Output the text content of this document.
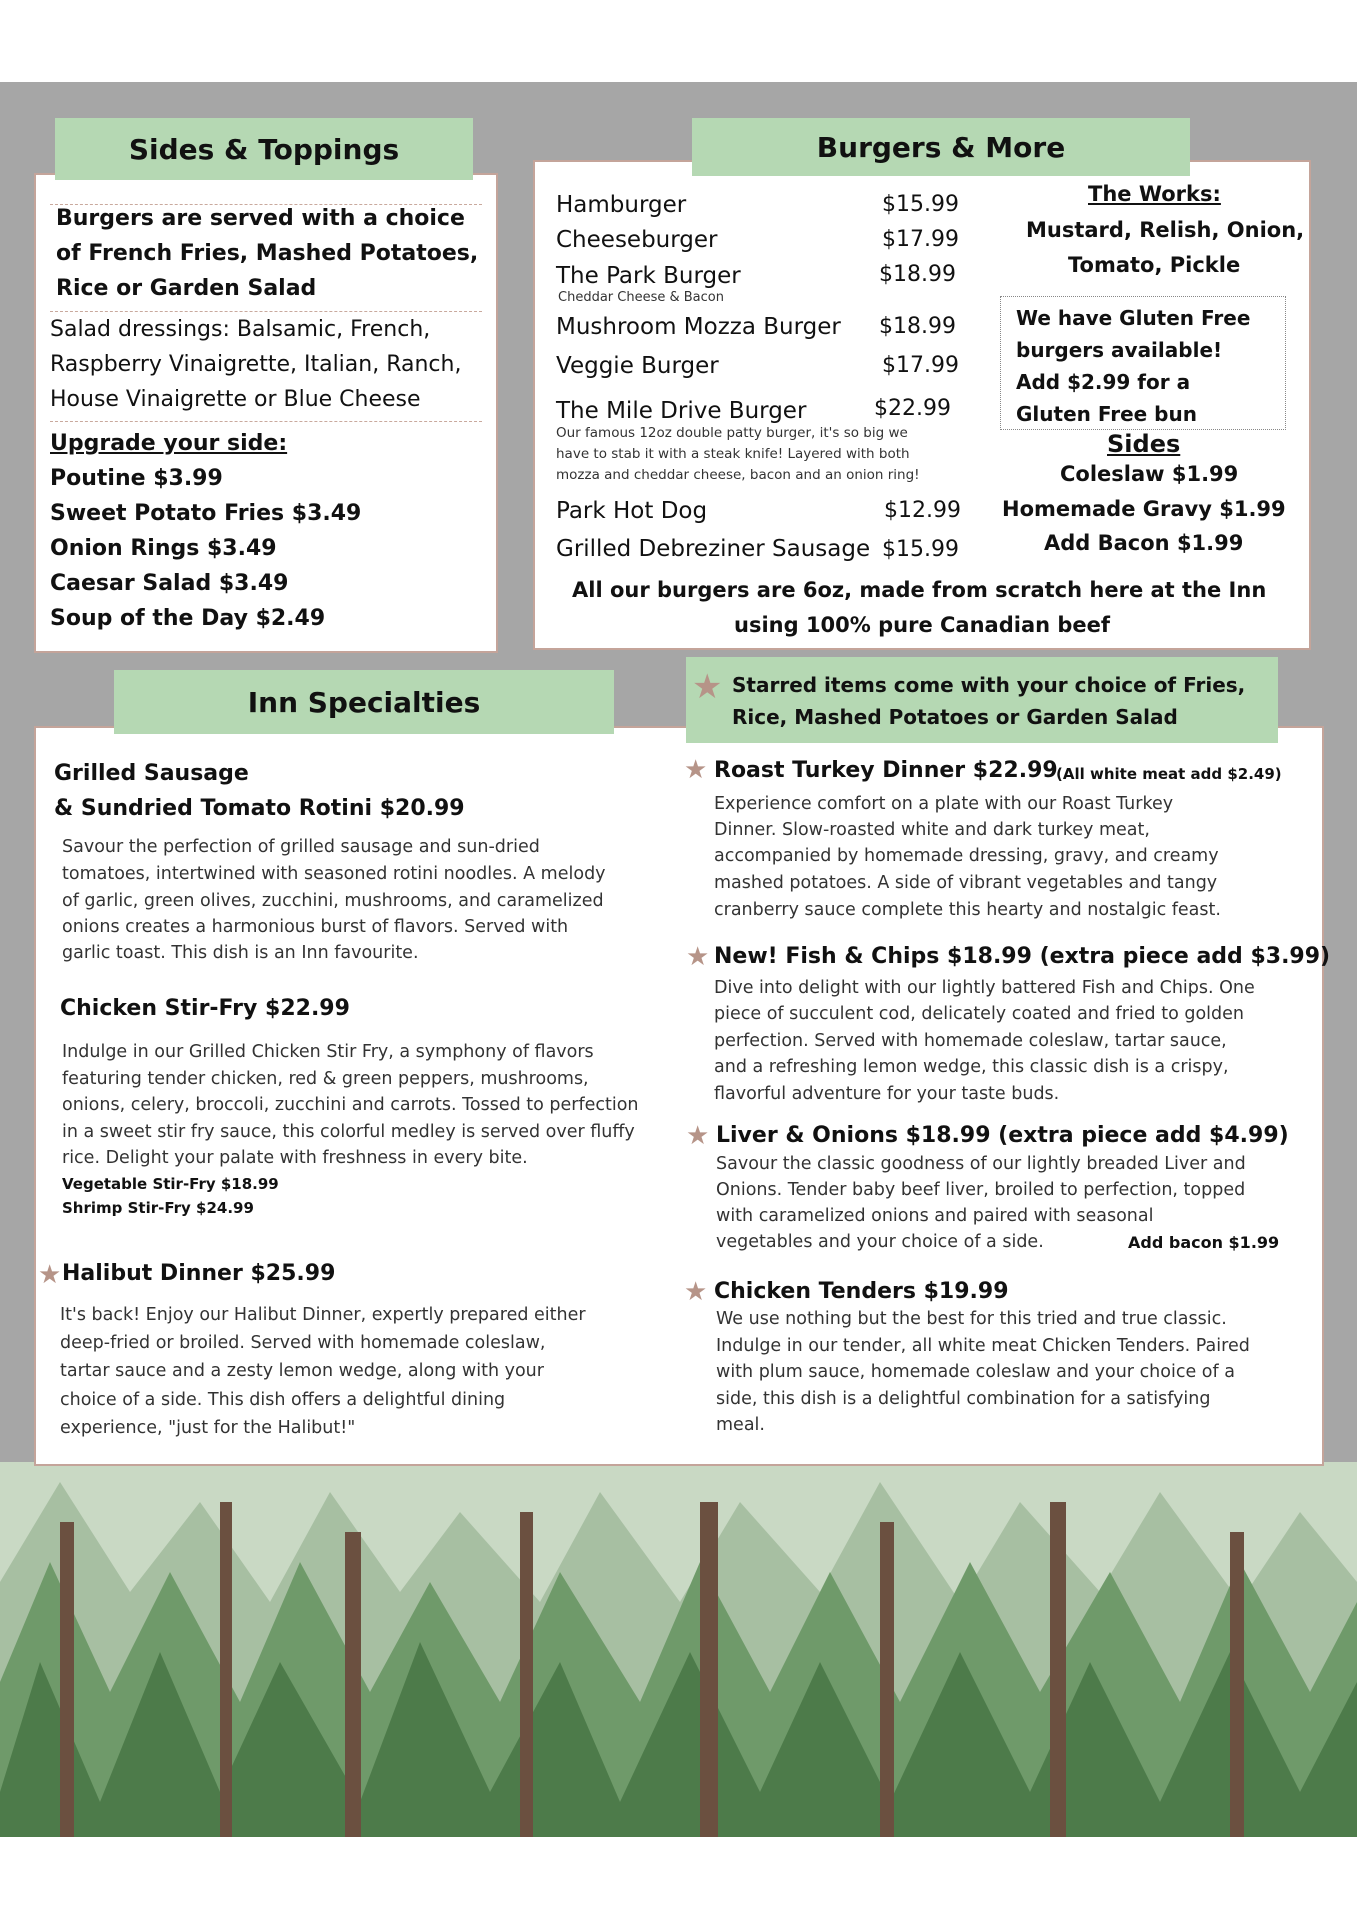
Sides & Toppings
Burgers are served with a choice
of French Fries, Mashed Potatoes,
Rice or Garden Salad
Salad dressings: Balsamic, French,
Raspberry Vinaigrette, Italian, Ranch,
House Vinaigrette or Blue Cheese
Upgrade your side:
Poutine $3.99
Sweet Potato Fries $3.49
Onion Rings $3.49
Caesar Salad $3.49
Soup of the Day $2.49
Burgers & More
Hamburger	$15.99
Cheeseburger	$17.99
The Park Burger	$18.99
Cheddar Cheese & Bacon
Mushroom Mozza Burger $18.99
Veggie Burger	$17.99
The Mile Drive Burger	$22.99
Our famous 12oz double patty burger, it's so big we
have to stab it with a steak knife! Layered with both
mozza and cheddar cheese, bacon and an onion ring!
Park Hot Dog	$12.99
Grilled Debreziner Sausage $15.99
The Works:
Mustard, Relish, Onion,
Tomato, Pickle
We have Gluten Free
burgers available!
Add $2.99 for a
Gluten Free bun
Sides
Coleslaw $1.99
Homemade Gravy $1.99
Add Bacon $1.99
All our burgers are 6oz, made from scratch here at the Inn
using 100% pure Canadian beef
Inn Specialties	★ Starred items come with your choice of Fries,
Rice, Mashed Potatoes or Garden Salad
Grilled Sausage
& Sundried Tomato Rotini $20.99
Savour the perfection of grilled sausage and sun-dried
tomatoes, intertwined with seasoned rotini noodles. A melody
of garlic, green olives, zucchini, mushrooms, and caramelized
onions creates a harmonious burst of flavors. Served with
garlic toast. This dish is an Inn favourite.
Chicken Stir-Fry $22.99
Indulge in our Grilled Chicken Stir Fry, a symphony of flavors
featuring tender chicken, red & green peppers, mushrooms,
onions, celery, broccoli, zucchini and carrots. Tossed to perfection
in a sweet stir fry sauce, this colorful medley is served over fluffy
rice. Delight your palate with freshness in every bite.
Vegetable Stir-Fry $18.99
Shrimp Stir-Fry $24.99
★ Halibut Dinner $25.99
It's back! Enjoy our Halibut Dinner, expertly prepared either
deep-fried or broiled. Served with homemade coleslaw,
tartar sauce and a zesty lemon wedge, along with your
choice of a side. This dish offers a delightful dining
experience, "just for the Halibut!"
★ Roast Turkey Dinner $22.99
(All white meat add $2.49)
Experience comfort on a plate with our Roast Turkey
Dinner. Slow-roasted white and dark turkey meat,
accompanied by homemade dressing, gravy, and creamy
mashed potatoes. A side of vibrant vegetables and tangy
cranberry sauce complete this hearty and nostalgic feast.
★ New! Fish & Chips $18.99 (extra piece add $3.99)
Dive into delight with our lightly battered Fish and Chips. One
piece of succulent cod, delicately coated and fried to golden
perfection. Served with homemade coleslaw, tartar sauce,
and a refreshing lemon wedge, this classic dish is a crispy,
flavorful adventure for your taste buds.
★ Liver & Onions $18.99 (extra piece add $4.99)
Savour the classic goodness of our lightly breaded Liver and
Onions. Tender baby beef liver, broiled to perfection, topped
with caramelized onions and paired with seasonal
vegetables and your choice of a side.	Add bacon $1.99
★ Chicken Tenders $19.99
We use nothing but the best for this tried and true classic.
Indulge in our tender, all white meat Chicken Tenders. Paired
with plum sauce, homemade coleslaw and your choice of a
side, this dish is a delightful combination for a satisfying
meal.
